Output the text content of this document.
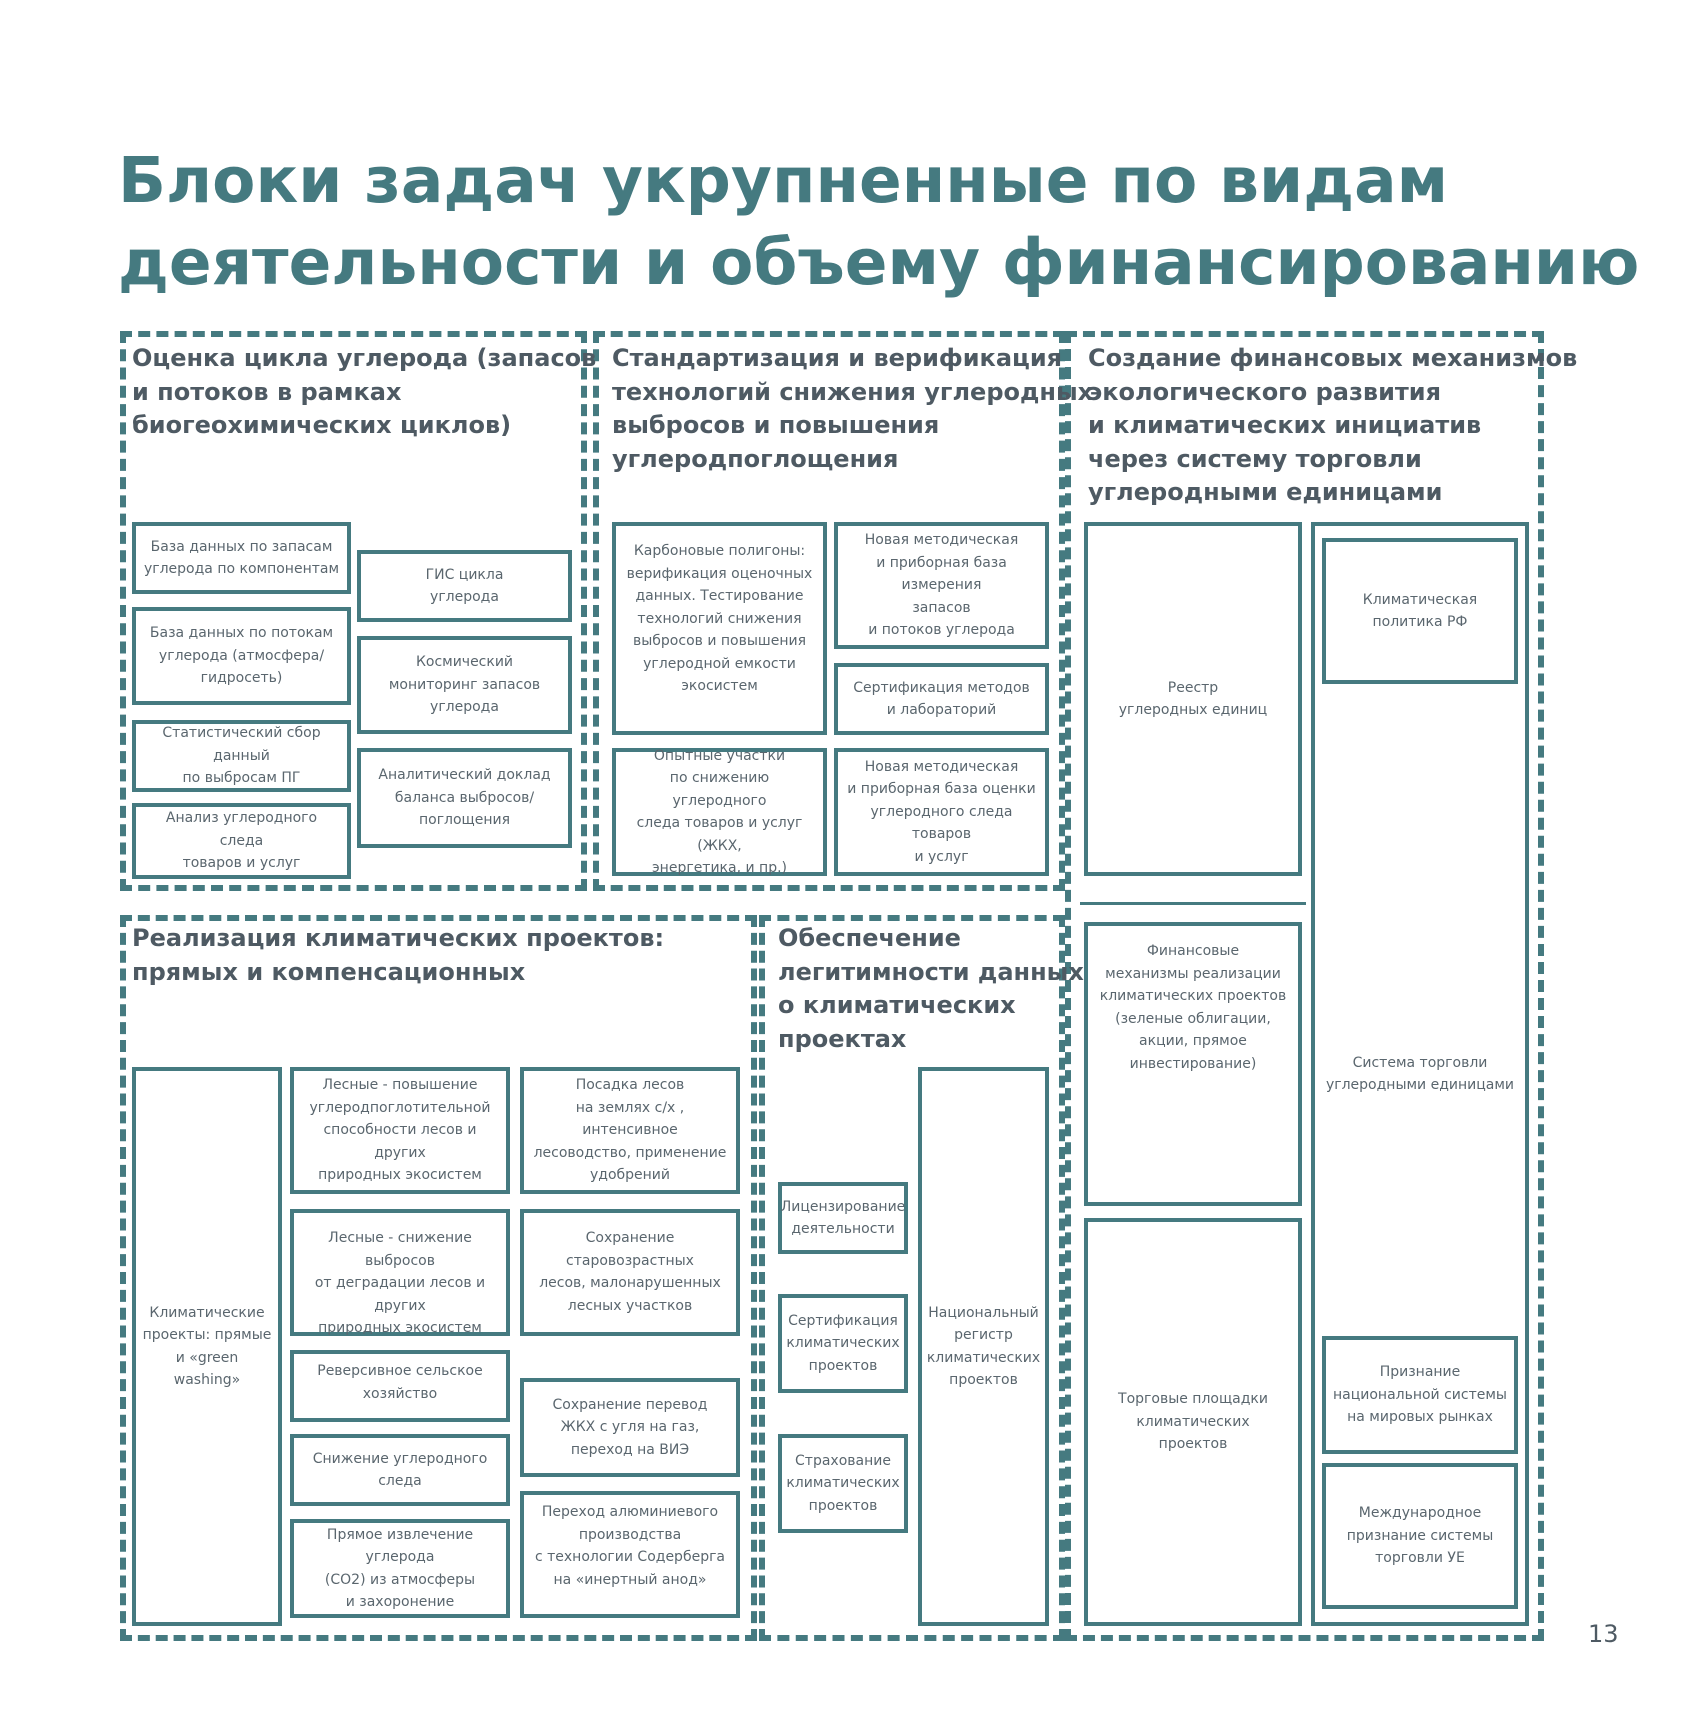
Блоки задач укрупненные по видам
деятельности и объему финансированию
Оценка цикла углерода (запасов
и потоков в рамках
биогеохимических циклов)
Стандартизация и верификация
технологий снижения углеродных
выбросов и повышения
углеродпоглощения
Создание финансовых механизмов
экологического развития
и климатических инициатив
через систему торговли
углеродными единицами
Реализация климатических проектов:
прямых и компенсационных
Обеспечение
легитимности данных
о климатических
проектах
База данных по запасам
углерода по компонентам
База данных по потокам
углерода (атмосфера/
гидросеть)
Статистический сбор данный
по выбросам ПГ
Анализ углеродного следа
товаров и услуг
ГИС цикла
углерода
Космический
мониторинг запасов
углерода
Аналитический доклад
баланса выбросов/
поглощения
Карбоновые полигоны:
верификация оценочных
данных. Тестирование
технологий снижения
выбросов и повышения
углеродной емкости
экосистем
Новая методическая
и приборная база измерения
запасов
и потоков углерода
Сертификация методов
и лабораторий
Опытные участки
по снижению углеродного
следа товаров и услуг (ЖКХ,
энергетика, и пр.)
Новая методическая
и приборная база оценки
углеродного следа товаров
и услуг
Реестр
углеродных единиц
Система торговли
углеродными единицами
Климатическая
политика РФ
Финансовые
механизмы реализации
климатических проектов
(зеленые облигации,
акции, прямое
инвестирование)
Торговые площадки
климатических
проектов
Признание
национальной системы
на мировых рынках
Международное
признание системы
торговли УЕ
Климатические
проекты: прямые
и «green washing»
Лесные - повышение
углеродпоглотительной
способности лесов и других
природных экосистем
Лесные - снижение выбросов
от деградации лесов и других
природных экосистем
Реверсивное сельское
хозяйство
Снижение углеродного
следа
Прямое извлечение углерода
(СО2) из атмосферы
и захоронение
Посадка лесов
на землях с/х , интенсивное
лесоводство, применение
удобрений
Сохранение старовозрастных
лесов, малонарушенных
лесных участков
Сохранение перевод
ЖКХ с угля на газ,
переход на ВИЭ
Переход алюминиевого
производства
с технологии Содерберга
на «инертный анод»
Лицензирование
деятельности
Сертификация
климатических
проектов
Страхование
климатических
проектов
Национальный
регистр
климатических
проектов
13
